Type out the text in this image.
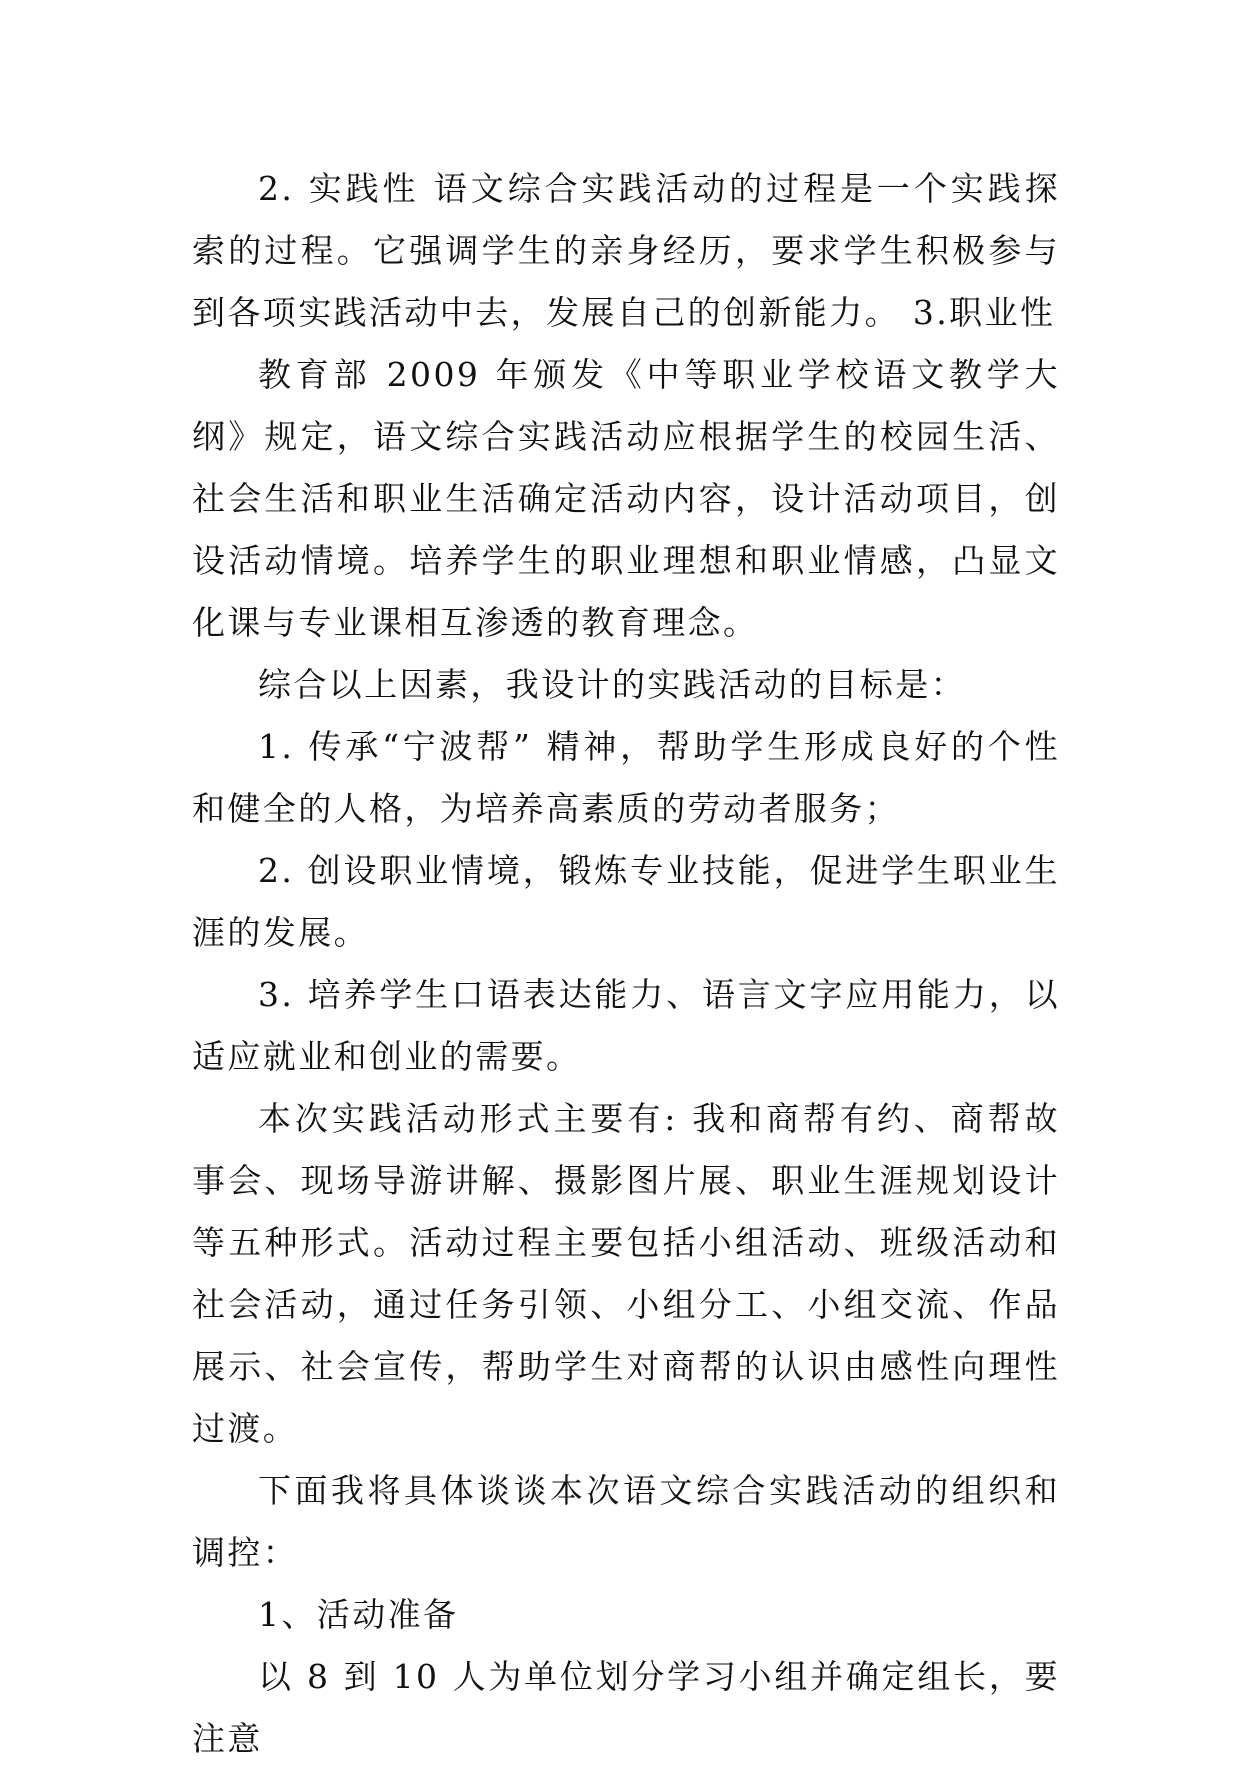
2. 实践性 语文综合实践活动的过程是一个实践探索的过程。它强调学生的亲身经历，要求学生积极参与到各项实践活动中去，发展自己的创新能力。 3.职业性

教育部 2009 年颁发《中等职业学校语文教学大纲》规定，语文综合实践活动应根据学生的校园生活、社会生活和职业生活确定活动内容，设计活动项目，创设活动情境。培养学生的职业理想和职业情感，凸显文化课与专业课相互渗透的教育理念。

综合以上因素，我设计的实践活动的目标是：

1. 传承“宁波帮” 精神，帮助学生形成良好的个性和健全的人格，为培养高素质的劳动者服务；

2. 创设职业情境，锻炼专业技能，促进学生职业生涯的发展。

3. 培养学生口语表达能力、语言文字应用能力，以适应就业和创业的需要。

本次实践活动形式主要有: 我和商帮有约、商帮故事会、现场导游讲解、摄影图片展、职业生涯规划设计等五种形式。活动过程主要包括小组活动、班级活动和社会活动，通过任务引领、小组分工、小组交流、作品展示、社会宣传，帮助学生对商帮的认识由感性向理性过渡。

下面我将具体谈谈本次语文综合实践活动的组织和调控：

1、活动准备

以 8 到 10 人为单位划分学习小组并确定组长，要注意
